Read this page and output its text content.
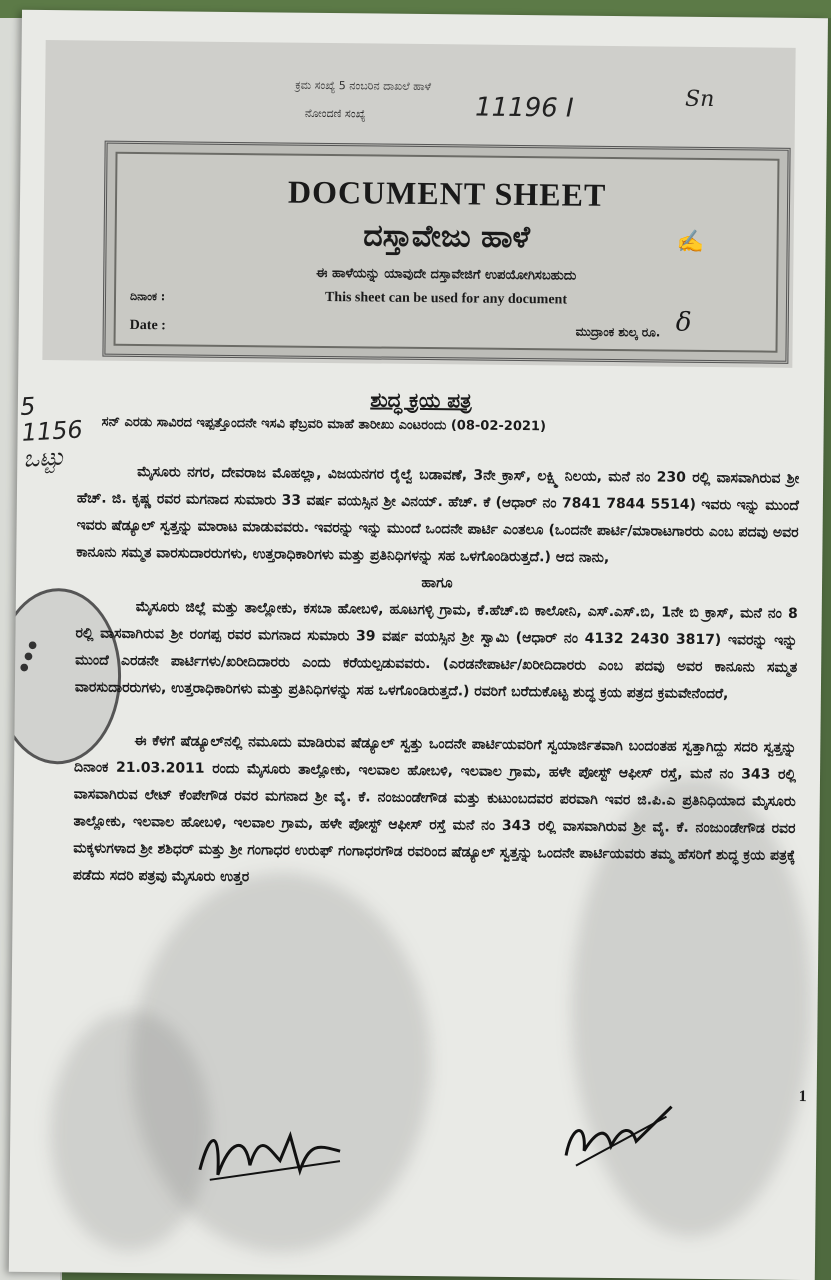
ಕ್ರಮ ಸಂಖ್ಯೆ 5 ನಂಬರಿನ ದಾಖಲೆ ಹಾಳೆ
ನೋಂದಣಿ ಸಂಖ್ಯೆ	11196 I	Sn
DOCUMENT SHEET
ದಸ್ತಾವೇಜು ಹಾಳೆ	✍
ಈ ಹಾಳೆಯನ್ನು ಯಾವುದೇ ದಸ್ತಾವೇಜಿಗೆ ಉಪಯೋಗಿಸಬಹುದು
This sheet can be used for any document
ದಿನಾಂಕ :
Date :	ಮುದ್ರಾಂಕ ಶುಲ್ಕ ರೂ. δ
5
1156
ಒಟ್ಟು
ಶುದ್ಧ ಕ್ರಯ ಪತ್ರ
ಸನ್ ಎರಡು ಸಾವಿರದ ಇಪ್ಪತ್ತೊಂದನೇ ಇಸವಿ ಫೆಬ್ರವರಿ ಮಾಹೆ ತಾರೀಖು ಎಂಟರಂದು (08-02-2021)
● ● ●

ಮೈಸೂರು ನಗರ, ದೇವರಾಜ ಮೊಹಲ್ಲಾ, ವಿಜಯನಗರ ರೈಲ್ವೆ ಬಡಾವಣೆ, 3ನೇ ಕ್ರಾಸ್, ಲಕ್ಷ್ಮಿ ನಿಲಯ, ಮನೆ ನಂ 230 ರಲ್ಲಿ ವಾಸವಾಗಿರುವ ಶ್ರೀ ಹೆಚ್. ಜಿ. ಕೃಷ್ಣ ರವರ ಮಗನಾದ ಸುಮಾರು 33 ವರ್ಷ ವಯಸ್ಸಿನ ಶ್ರೀ ವಿನಯ್. ಹೆಚ್. ಕೆ (ಆಧಾರ್ ನಂ 7841 7844 5514) ಇವರು ಇನ್ನು ಮುಂದೆ ಇವರು ಷೆಡ್ಯೂಲ್ ಸ್ವತ್ತನ್ನು ಮಾರಾಟ ಮಾಡುವವರು. ಇವರನ್ನು ಇನ್ನು ಮುಂದೆ ಒಂದನೇ ಪಾರ್ಟಿ ಎಂತಲೂ (ಒಂದನೇ ಪಾರ್ಟಿ/ಮಾರಾಟಗಾರರು ಎಂಬ ಪದವು ಅವರ ಕಾನೂನು ಸಮ್ಮತ ವಾರಸುದಾರರುಗಳು, ಉತ್ತರಾಧಿಕಾರಿಗಳು ಮತ್ತು ಪ್ರತಿನಿಧಿಗಳನ್ನು ಸಹ ಒಳಗೊಂಡಿರುತ್ತದೆ.) ಆದ ನಾನು,

ಹಾಗೂ

ಮೈಸೂರು ಜಿಲ್ಲೆ ಮತ್ತು ತಾಲ್ಲೋಕು, ಕಸಬಾ ಹೋಬಳಿ, ಹೂಟಗಳ್ಳಿ ಗ್ರಾಮ, ಕೆ.ಹೆಚ್.ಬಿ ಕಾಲೋನಿ, ಎಸ್.ಎಸ್.ಬಿ, 1ನೇ ಬಿ ಕ್ರಾಸ್, ಮನೆ ನಂ 8 ರಲ್ಲಿ ವಾಸವಾಗಿರುವ ಶ್ರೀ ರಂಗಪ್ಪ ರವರ ಮಗನಾದ ಸುಮಾರು 39 ವರ್ಷ ವಯಸ್ಸಿನ ಶ್ರೀ ಸ್ವಾಮಿ (ಆಧಾರ್ ನಂ 4132 2430 3817) ಇವರನ್ನು ಇನ್ನು ಮುಂದೆ ಎರಡನೇ ಪಾರ್ಟಿಗಳು/ಖರೀದಿದಾರರು ಎಂದು ಕರೆಯಲ್ಪಡುವವರು. (ಎರಡನೇಪಾರ್ಟಿ/ಖರೀದಿದಾರರು ಎಂಬ ಪದವು ಅವರ ಕಾನೂನು ಸಮ್ಮತ ವಾರಸುದಾರರುಗಳು, ಉತ್ತರಾಧಿಕಾರಿಗಳು ಮತ್ತು ಪ್ರತಿನಿಧಿಗಳನ್ನು ಸಹ ಒಳಗೊಂಡಿರುತ್ತದೆ.) ರವರಿಗೆ ಬರೆದುಕೊಟ್ಟ ಶುದ್ಧ ಕ್ರಯ ಪತ್ರದ ಕ್ರಮವೇನೆಂದರೆ,

ಈ ಕೆಳಗೆ ಷೆಡ್ಯೂಲ್‌ನಲ್ಲಿ ನಮೂದು ಮಾಡಿರುವ ಷೆಡ್ಯೂಲ್ ಸ್ವತ್ತು ಒಂದನೇ ಪಾರ್ಟಿಯವರಿಗೆ ಸ್ವಯಾರ್ಜಿತವಾಗಿ ಬಂದಂತಹ ಸ್ವತ್ತಾಗಿದ್ದು ಸದರಿ ಸ್ವತ್ತನ್ನು ದಿನಾಂಕ 21.03.2011 ರಂದು ಮೈಸೂರು ತಾಲ್ಲೋಕು, ಇಲವಾಲ ಹೋಬಳಿ, ಇಲವಾಲ ಗ್ರಾಮ, ಹಳೇ ಪೋಸ್ಟ್ ಆಫೀಸ್ ರಸ್ತೆ, ಮನೆ ನಂ 343 ರಲ್ಲಿ ವಾಸವಾಗಿರುವ ಲೇಟ್ ಕೆಂಪೇಗೌಡ ರವರ ಮಗನಾದ ಶ್ರೀ ವೈ. ಕೆ. ನಂಜುಂಡೇಗೌಡ ಮತ್ತು ಕುಟುಂಬದವರ ಪರವಾಗಿ ಇವರ ಜಿ.ಪಿ.ಎ ಪ್ರತಿನಿಧಿಯಾದ ಮೈಸೂರು ತಾಲ್ಲೋಕು, ಇಲವಾಲ ಹೋಬಳಿ, ಇಲವಾಲ ಗ್ರಾಮ, ಹಳೇ ಪೋಸ್ಟ್ ಆಫೀಸ್ ರಸ್ತೆ ಮನೆ ನಂ 343 ರಲ್ಲಿ ವಾಸವಾಗಿರುವ ಶ್ರೀ ವೈ. ಕೆ. ನಂಜುಂಡೇಗೌಡ ರವರ ಮಕ್ಕಳುಗಳಾದ ಶ್ರೀ ಶಶಿಧರ್ ಮತ್ತು ಶ್ರೀ ಗಂಗಾಧರ ಉರುಫ್ ಗಂಗಾಧರಗೌಡ ರವರಿಂದ ಷೆಡ್ಯೂಲ್ ಸ್ವತ್ತನ್ನು ಒಂದನೇ ಪಾರ್ಟಿಯವರು ತಮ್ಮ ಹೆಸರಿಗೆ ಶುದ್ಧ ಕ್ರಯ ಪತ್ರಕ್ಕೆ ಪಡೆದು ಸದರಿ ಪತ್ರವು ಮೈಸೂರು ಉತ್ತರ

1
